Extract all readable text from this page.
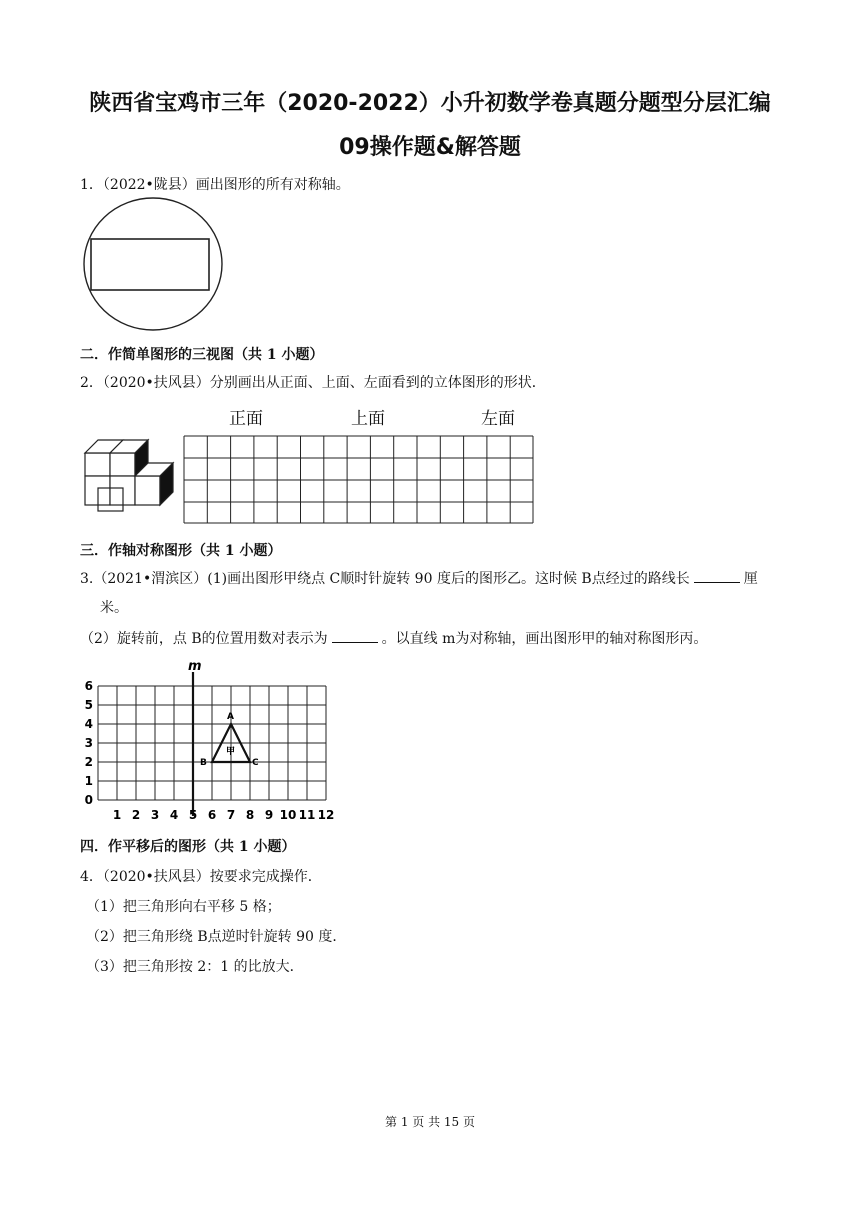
陕西省宝鸡市三年（2020-2022）小升初数学卷真题分题型分层汇编
09操作题&解答题
1．（2022•陇县）画出图形的所有对称轴。
二．作简单图形的三视图（共 1 小题）
2．（2020•扶风县）分别画出从正面、上面、左面看到的立体图形的形状．
正面	上面	左面
三．作轴对称图形（共 1 小题）
3.（2021•渭滨区）(1)画出图形甲绕点 C顺时针旋转 90 度后的图形乙。这时候 B点经过的路线长	厘
米。
（2）旋转前，点 B的位置用数对表示为	。以直线 m为对称轴，画出图形甲的轴对称图形丙。
m
A
B	C
甲
0
1
2
3
4
5
6
1 2 3 4 5 6 7 8 9 10 11 12
四．作平移后的图形（共 1 小题）
4．（2020•扶风县）按要求完成操作．
（1）把三角形向右平移 5 格；
（2）把三角形绕 B点逆时针旋转 90 度．
（3）把三角形按 2：1 的比放大．
第 1 页 共 15 页
